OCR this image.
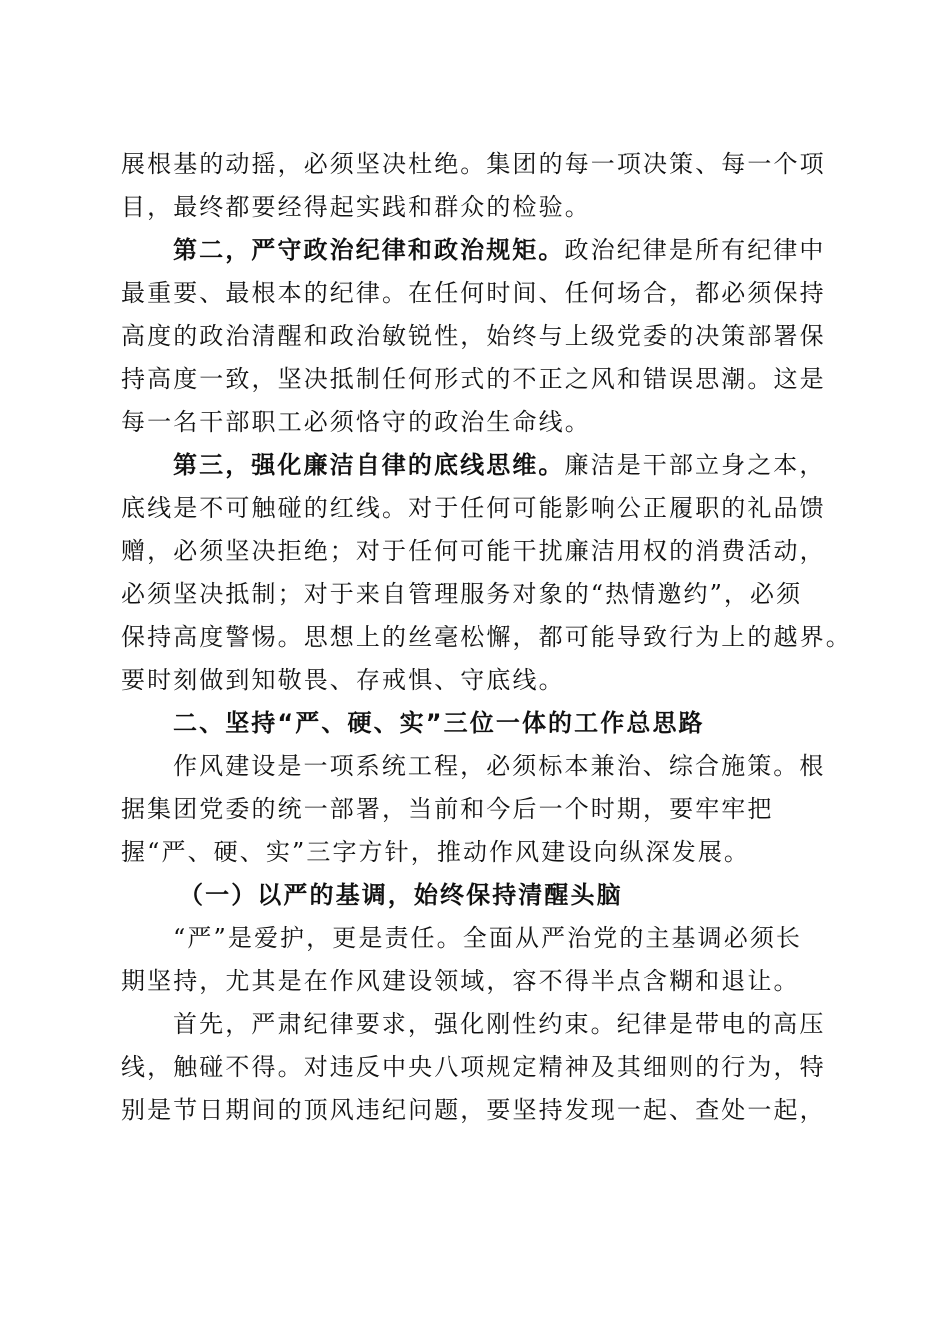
展根基的动摇，必须坚决杜绝。集团的每一项决策、每一个项
目，最终都要经得起实践和群众的检验。
第二，严守政治纪律和政治规矩。政治纪律是所有纪律中
最重要、最根本的纪律。在任何时间、任何场合，都必须保持
高度的政治清醒和政治敏锐性，始终与上级党委的决策部署保
持高度一致，坚决抵制任何形式的不正之风和错误思潮。这是
每一名干部职工必须恪守的政治生命线。
第三，强化廉洁自律的底线思维。廉洁是干部立身之本，
底线是不可触碰的红线。对于任何可能影响公正履职的礼品馈
赠，必须坚决拒绝；对于任何可能干扰廉洁用权的消费活动，
必须坚决抵制；对于来自管理服务对象的“热情邀约”，必须
保持高度警惕。思想上的丝毫松懈，都可能导致行为上的越界。
要时刻做到知敬畏、存戒惧、守底线。
二、坚持“严、硬、实”三位一体的工作总思路
作风建设是一项系统工程，必须标本兼治、综合施策。根
据集团党委的统一部署，当前和今后一个时期，要牢牢把
握“严、硬、实”三字方针，推动作风建设向纵深发展。
（一）以严的基调，始终保持清醒头脑
“严”是爱护，更是责任。全面从严治党的主基调必须长
期坚持，尤其是在作风建设领域，容不得半点含糊和退让。
首先，严肃纪律要求，强化刚性约束。纪律是带电的高压
线，触碰不得。对违反中央八项规定精神及其细则的行为，特
别是节日期间的顶风违纪问题，要坚持发现一起、查处一起，
